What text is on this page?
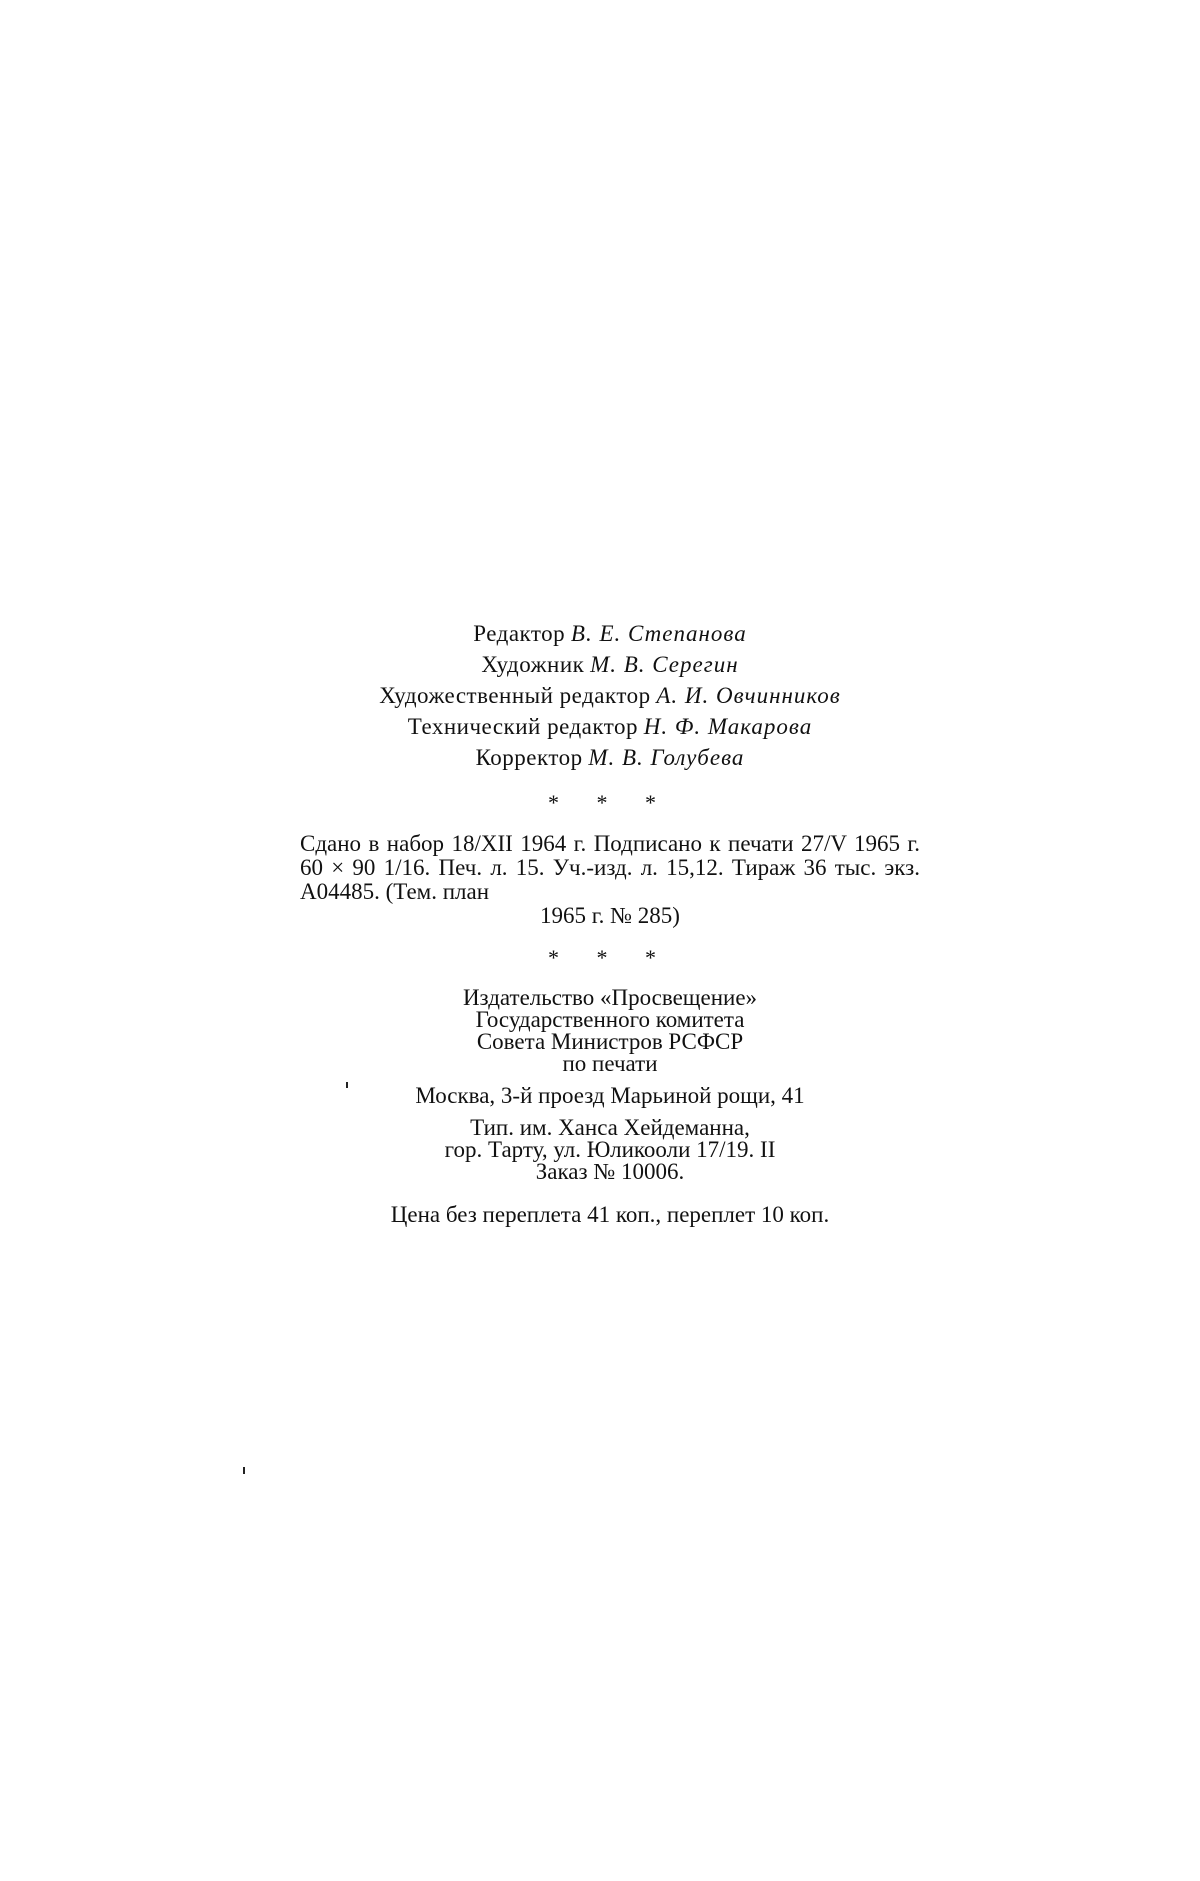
Редактор В. Е. Степанова

Художник М. В. Серегин

Художественный редактор А. И. Овчинников

Технический редактор Н. Ф. Макарова

Корректор М. В. Голубева

* * *

Сдано в набор 18/XII 1964 г. Подписано к печати 27/V 1965 г. 60 × 90 1/16. Печ. л. 15. Уч.-изд. л. 15,12. Тираж 36 тыс. экз. А04485. (Тем. план

1965 г. № 285)

* * *

Издательство «Просвещение»

Государственного комитета

Совета Министров РСФСР

по печати

Москва, 3-й проезд Марьиной рощи, 41

Тип. им. Ханса Хейдеманна,

гор. Тарту, ул. Юликооли 17/19. II

Заказ № 10006.

Цена без переплета 41 коп., переплет 10 коп.
